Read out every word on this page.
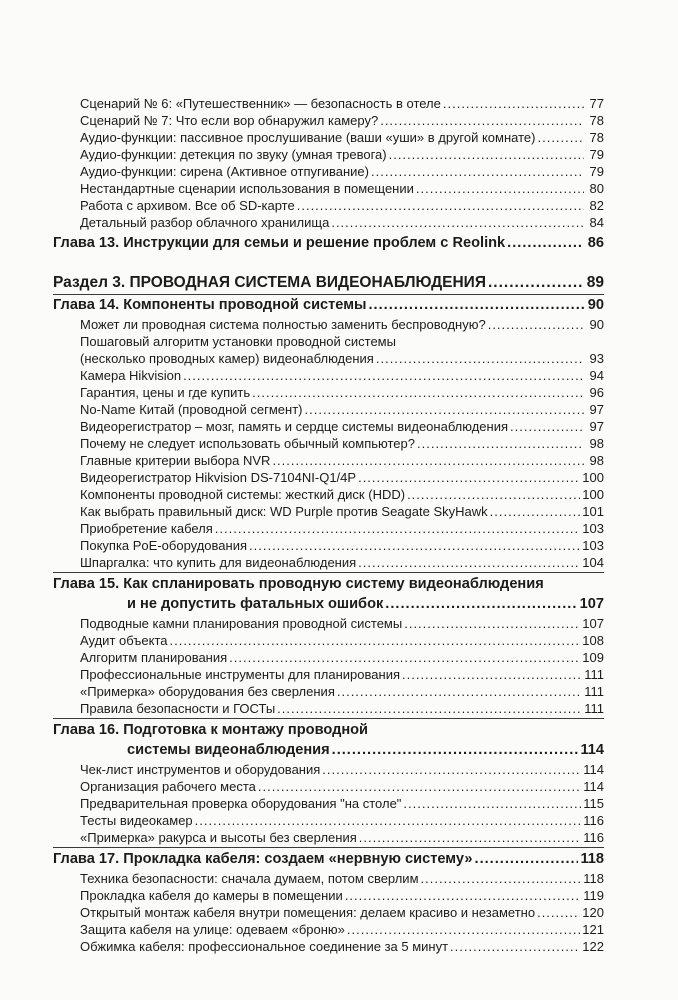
Сценарий № 6: «Путешественник» — безопасность в отеле .....	77
Сценарий № 7: Что если вор обнаружил камеру? .....	78
Аудио-функции: пассивное прослушивание (ваши «уши» в другой комнате) .....	78
Аудио-функции: детекция по звуку (умная тревога) .....	79
Аудио-функции: сирена (Активное отпугивание) .....	79
Нестандартные сценарии использования в помещении .....	80
Работа с архивом. Все об SD-карте .....	82
Детальный разбор облачного хранилища .....	84
Глава 13. Инструкции для семьи и решение проблем с Reolink .....	86
Раздел 3. ПРОВОДНАЯ СИСТЕМА ВИДЕОНАБЛЮДЕНИЯ .....	89
Глава 14. Компоненты проводной системы .....	90
Может ли проводная система полностью заменить беспроводную? .....	90
Пошаговый алгоритм установки проводной системы
(несколько проводных камер) видеонаблюдения .....	93
Камера Hikvision .....	94
Гарантия, цены и где купить .....	96
No-Name Китай (проводной сегмент) .....	97
Видеорегистратор – мозг, память и сердце системы видеонаблюдения .....	97
Почему не следует использовать обычный компьютер? .....	98
Главные критерии выбора NVR .....	98
Видеорегистратор Hikvision DS-7104NI-Q1/4P .....	100
Компоненты проводной системы: жесткий диск (HDD) .....	100
Как выбрать правильный диск: WD Purple против Seagate SkyHawk .....	101
Приобретение кабеля .....	103
Покупка PoE-оборудования .....	103
Шпаргалка: что купить для видеонаблюдения .....	104
Глава 15. Как спланировать проводную систему видеонаблюдения
и не допустить фатальных ошибок .....	107
Подводные камни планирования проводной системы .....	107
Аудит объекта .....	108
Алгоритм планирования .....	109
Профессиональные инструменты для планирования .....	111
«Примерка» оборудования без сверления .....	111
Правила безопасности и ГОСТы .....	111
Глава 16. Подготовка к монтажу проводной
системы видеонаблюдения .....	114
Чек-лист инструментов и оборудования .....	114
Организация рабочего места .....	114
Предварительная проверка оборудования "на столе" .....	115
Тесты видеокамер .....	116
«Примерка» ракурса и высоты без сверления .....	116
Глава 17. Прокладка кабеля: создаем «нервную систему» .....	118
Техника безопасности: сначала думаем, потом сверлим .....	118
Прокладка кабеля до камеры в помещении .....	119
Открытый монтаж кабеля внутри помещения: делаем красиво и незаметно .....	120
Защита кабеля на улице: одеваем «броню» .....	121
Обжимка кабеля: профессиональное соединение за 5 минут .....	122
